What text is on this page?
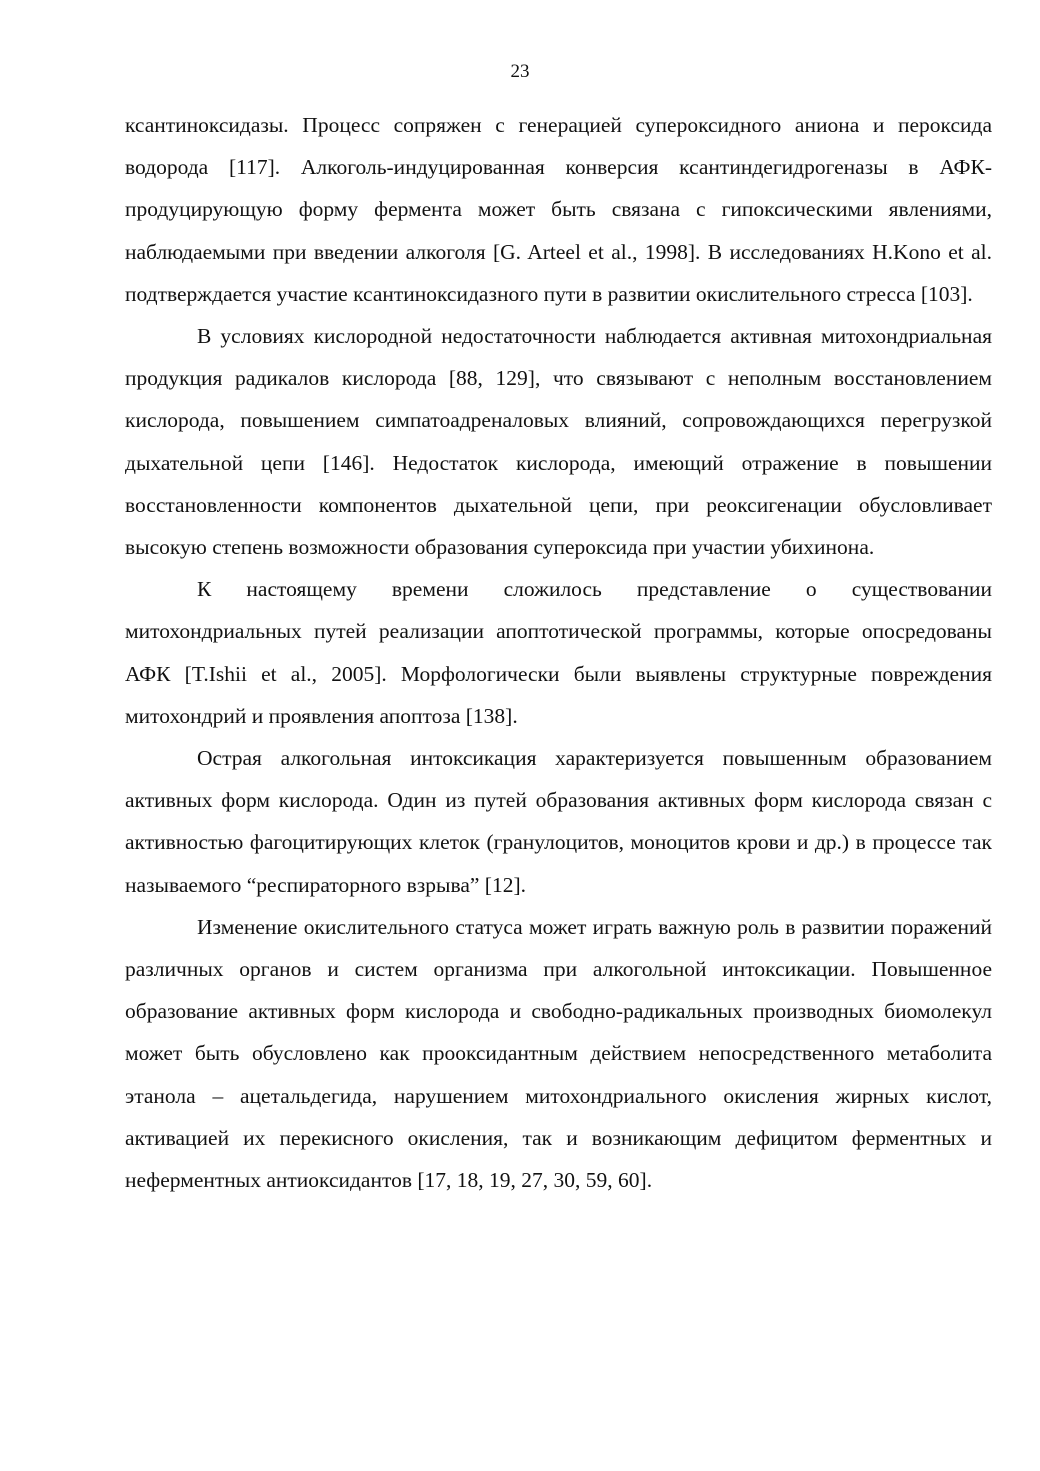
23

ксантиноксидазы. Процесс сопряжен с генерацией супероксидного аниона и пероксида водорода [117]. Алкоголь-индуцированная конверсия ксантиндегидрогеназы в АФК-продуцирующую форму фермента может быть связана с гипоксическими явлениями, наблюдаемыми при введении алкоголя [G. Arteel et al., 1998]. В исследованиях H.Kono et al. подтверждается участие ксантиноксидазного пути в развитии окислительного стресса [103].

В условиях кислородной недостаточности наблюдается активная митохондриальная продукция радикалов кислорода [88, 129], что связывают с неполным восстановлением кислорода, повышением симпатоадреналовых влияний, сопровождающихся перегрузкой дыхательной цепи [146]. Недостаток кислорода, имеющий отражение в повышении восстановленности компонентов дыхательной цепи, при реоксигенации обусловливает высокую степень возможности образования супероксида при участии убихинона.

К настоящему времени сложилось представление о существовании митохондриальных путей реализации апоптотической программы, которые опосредованы АФК [T.Ishii et al., 2005]. Морфологически были выявлены структурные повреждения митохондрий и проявления апоптоза [138].

Острая алкогольная интоксикация характеризуется повышенным образованием активных форм кислорода. Один из путей образования активных форм кислорода связан с активностью фагоцитирующих клеток (гранулоцитов, моноцитов крови и др.) в процессе так называемого “респираторного взрыва” [12].

Изменение окислительного статуса может играть важную роль в развитии поражений различных органов и систем организма при алкогольной интоксикации. Повышенное образование активных форм кислорода и свободно-радикальных производных биомолекул может быть обусловлено как прооксидантным действием непосредственного метаболита этанола – ацетальдегида, нарушением митохондриального окисления жирных кислот, активацией их перекисного окисления, так и возникающим дефицитом ферментных и неферментных антиоксидантов [17, 18, 19, 27, 30, 59, 60].
